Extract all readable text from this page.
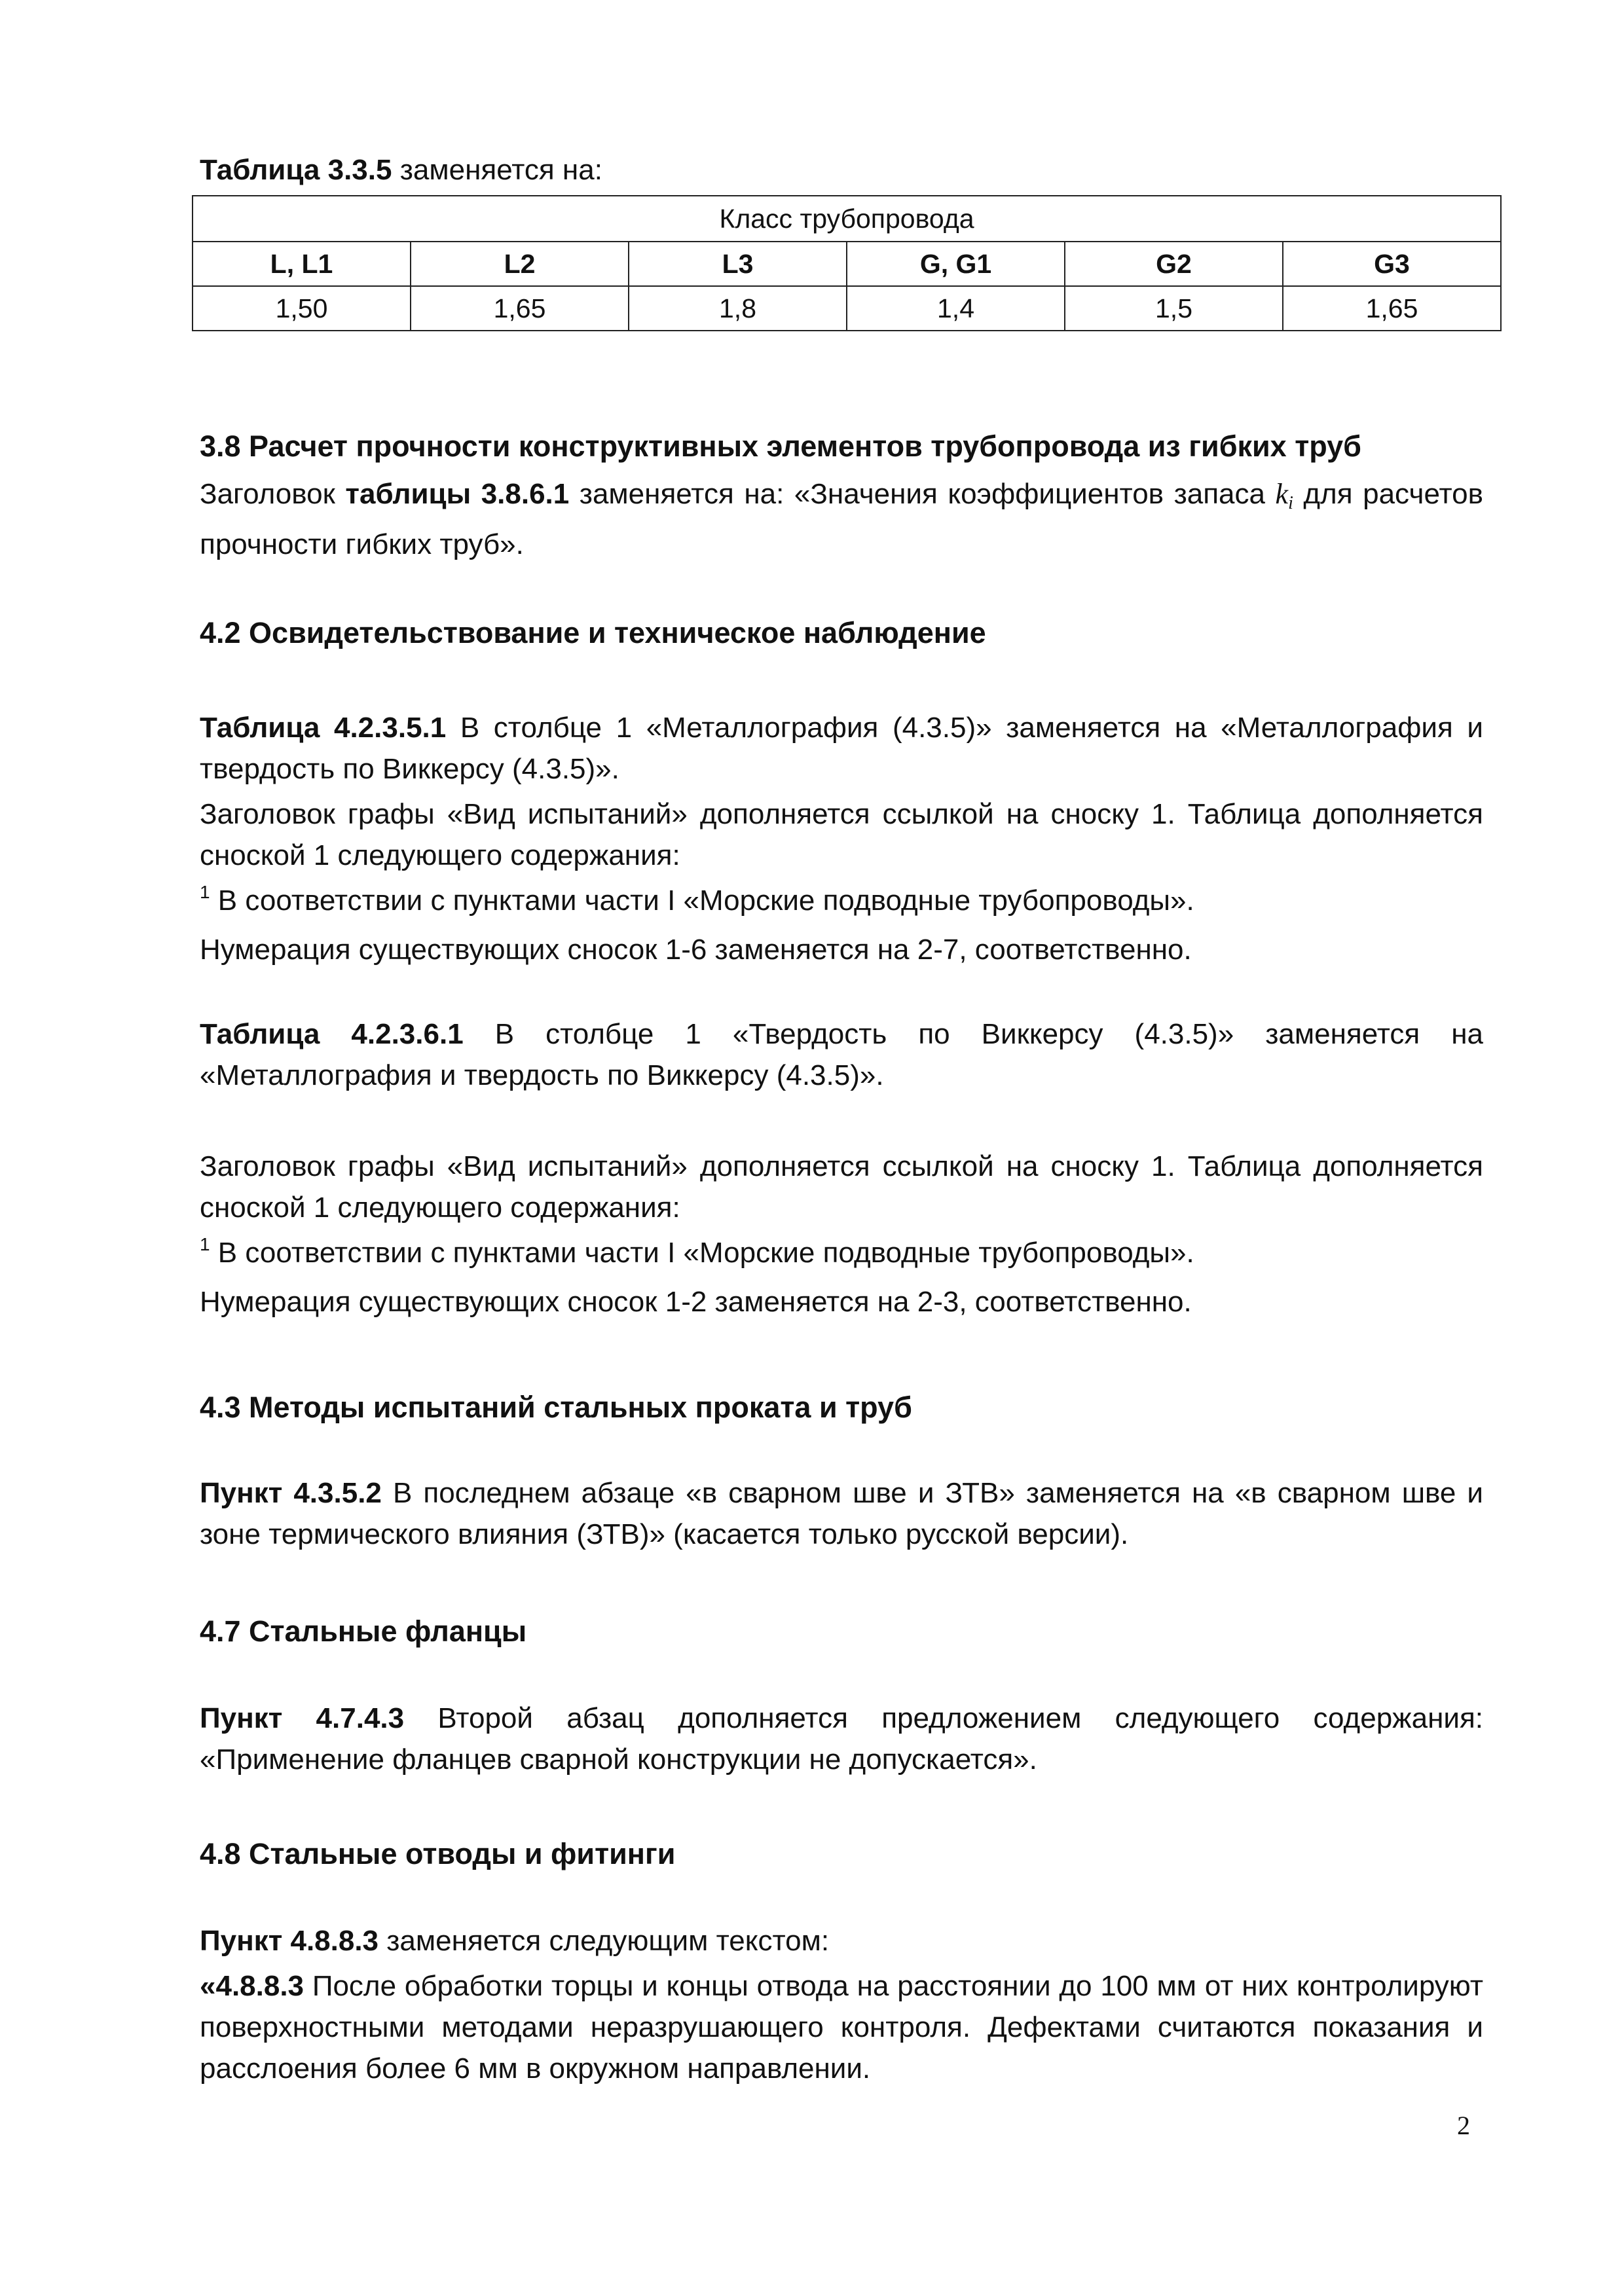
Таблица 3.3.5 заменяется на:

Класс трубопровода					
L, L1	L2	L3	G, G1	G2	G3
1,50	1,65	1,8	1,4	1,5	1,65

3.8 Расчет прочности конструктивных элементов трубопровода из гибких труб

Заголовок таблицы 3.8.6.1 заменяется на: «Значения коэффициентов запаса $k_i$ для расчетов прочности гибких труб».

4.2 Освидетельствование и техническое наблюдение

Таблица 4.2.3.5.1 В столбце 1 «Металлография (4.3.5)» заменяется на «Металлография и твердость по Виккерсу (4.3.5)».

Заголовок графы «Вид испытаний» дополняется ссылкой на сноску 1. Таблица дополняется сноской 1 следующего содержания:

$^1$ В соответствии с пунктами части I «Морские подводные трубопроводы».

Нумерация существующих сносок 1-6 заменяется на 2-7, соответственно.

Таблица 4.2.3.6.1 В столбце 1 «Твердость по Виккерсу (4.3.5)» заменяется на «Металлография и твердость по Виккерсу (4.3.5)».

Заголовок графы «Вид испытаний» дополняется ссылкой на сноску 1. Таблица дополняется сноской 1 следующего содержания:

$^1$ В соответствии с пунктами части I «Морские подводные трубопроводы».

Нумерация существующих сносок 1-2 заменяется на 2-3, соответственно.

4.3 Методы испытаний стальных проката и труб

Пункт 4.3.5.2 В последнем абзаце «в сварном шве и ЗТВ» заменяется на «в сварном шве и зоне термического влияния (ЗТВ)» (касается только русской версии).

4.7 Стальные фланцы

Пункт 4.7.4.3 Второй абзац дополняется предложением следующего содержания: «Применение фланцев сварной конструкции не допускается».

4.8 Стальные отводы и фитинги

Пункт 4.8.8.3 заменяется следующим текстом:

«4.8.8.3 После обработки торцы и концы отвода на расстоянии до 100 мм от них контролируют поверхностными методами неразрушающего контроля. Дефектами считаются показания и расслоения более 6 мм в окружном направлении.

2
